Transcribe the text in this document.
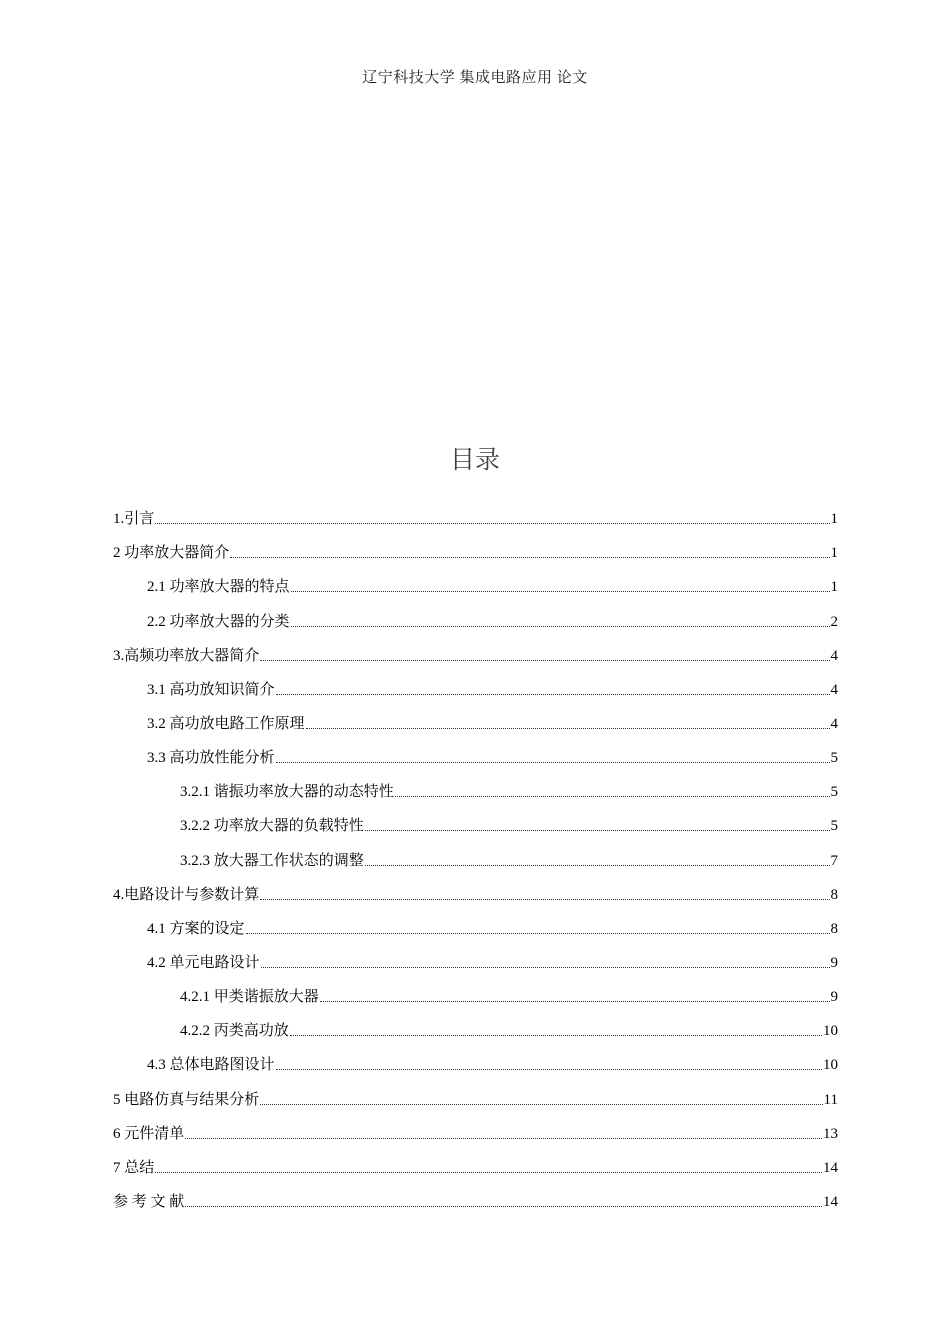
辽宁科技大学 集成电路应用 论文
目录
1.引言	1
2 功率放大器简介	1
2.1 功率放大器的特点	1
2.2 功率放大器的分类	2
3.高频功率放大器简介	4
3.1 高功放知识简介	4
3.2 高功放电路工作原理	4
3.3 高功放性能分析	5
3.2.1 谐振功率放大器的动态特性	5
3.2.2 功率放大器的负载特性	5
3.2.3 放大器工作状态的调整	7
4.电路设计与参数计算	8
4.1 方案的设定	8
4.2 单元电路设计	9
4.2.1 甲类谐振放大器	9
4.2.2 丙类高功放	10
4.3 总体电路图设计	10
5 电路仿真与结果分析	11
6 元件清单	13
7 总结	14
参 考 文 献	14
